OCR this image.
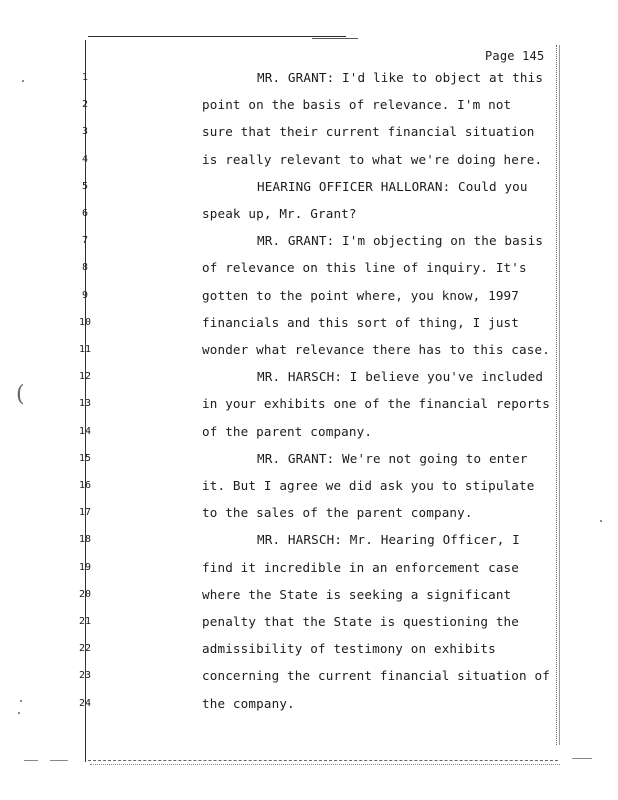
(
Page 145
1	MR. GRANT: I'd like to object at this
2	point on the basis of relevance. I'm not
3	sure that their current financial situation
4	is really relevant to what we're doing here.
5	HEARING OFFICER HALLORAN: Could you
6	speak up, Mr. Grant?
7	MR. GRANT: I'm objecting on the basis
8	of relevance on this line of inquiry. It's
9	gotten to the point where, you know, 1997
10	financials and this sort of thing, I just
11	wonder what relevance there has to this case.
12	MR. HARSCH: I believe you've included
13	in your exhibits one of the financial reports
14	of the parent company.
15	MR. GRANT: We're not going to enter
16	it. But I agree we did ask you to stipulate
17	to the sales of the parent company.
18	MR. HARSCH: Mr. Hearing Officer, I
19	find it incredible in an enforcement case
20	where the State is seeking a significant
21	penalty that the State is questioning the
22	admissibility of testimony on exhibits
23	concerning the current financial situation of
24	the company.
